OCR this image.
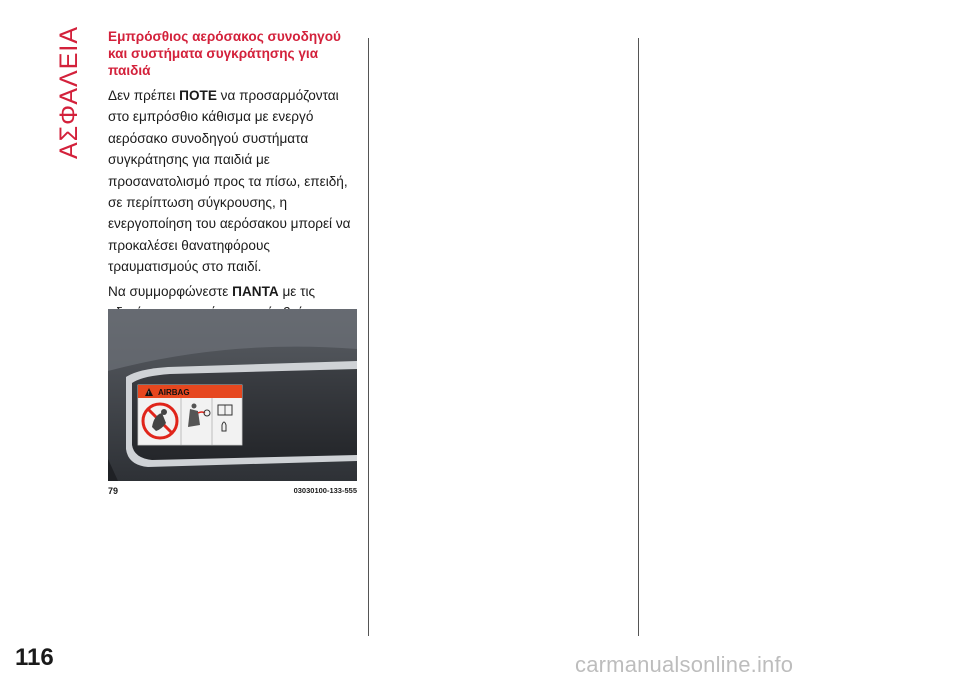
ΑΣΦΑΛΕΙΑ Εμπρόσθιος αερόσακος συνοδηγού και συστήματα συγκράτησης για παιδιά

Δεν πρέπει ΠΟΤΕ να προσαρμόζονται στο εμπρόσθιο κάθισμα με ενεργό αερόσακο συνοδηγού συστήματα συγκράτησης για παιδιά με προσανατολισμό προς τα πίσω, επειδή, σε περίπτωση σύγκρουσης, η ενεργοποίηση του αερόσακου μπορεί να προκαλέσει θανατηφόρους τραυματισμούς στο παιδί.

Να συμμορφώνεστε ΠΑΝΤΑ με τις

! AIRBAG
79	03030100-133-555
116	carmanualsonline.info
